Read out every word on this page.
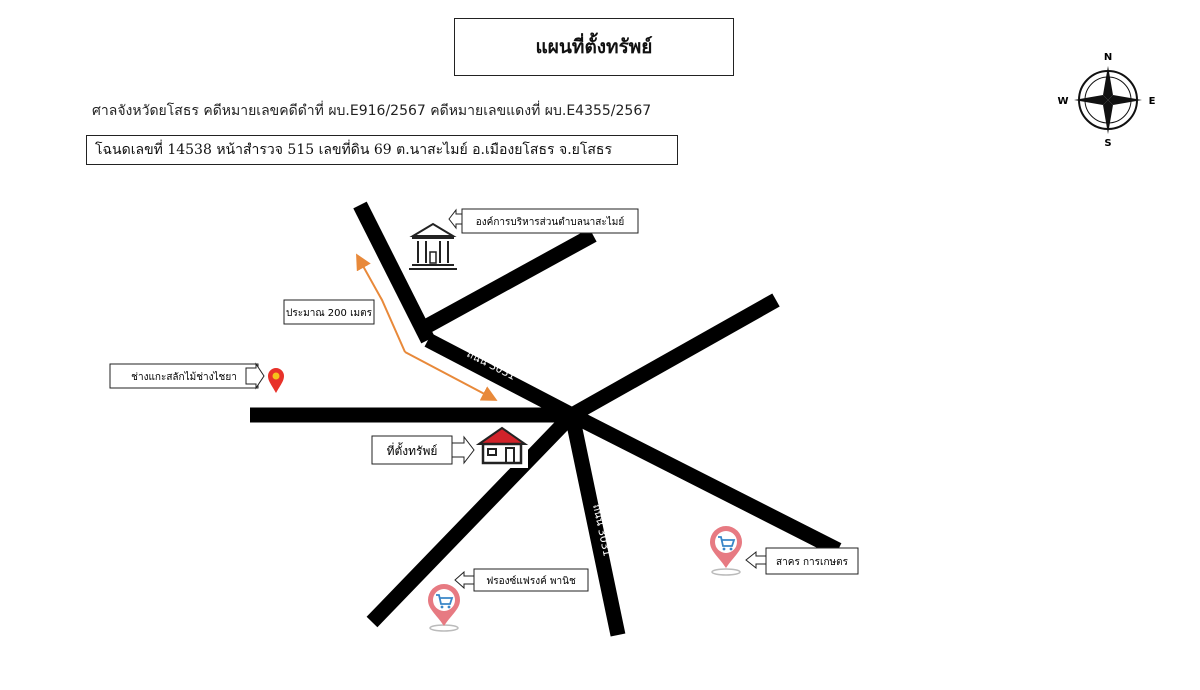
แผนที่ตั้งทรัพย์
ศาลจังหวัดยโสธร คดีหมายเลขคดีดำที่ ผบ.E916/2567 คดีหมายเลขแดงที่ ผบ.E4355/2567
โฉนดเลขที่ 14538 หน้าสำรวจ 515 เลขที่ดิน 69 ต.นาสะไมย์ อ.เมืองยโสธร จ.ยโสธร
N
S
E
W
ถนน 3031
ถนน 3031
ประมาณ 200 เมตร
องค์การบริหารส่วนตำบลนาสะไมย์
ช่างแกะสลักไม้ช่างไชยา
ที่ตั้งทรัพย์
ฟรองซ์แฟรงค์ พานิช
สาคร การเกษตร
